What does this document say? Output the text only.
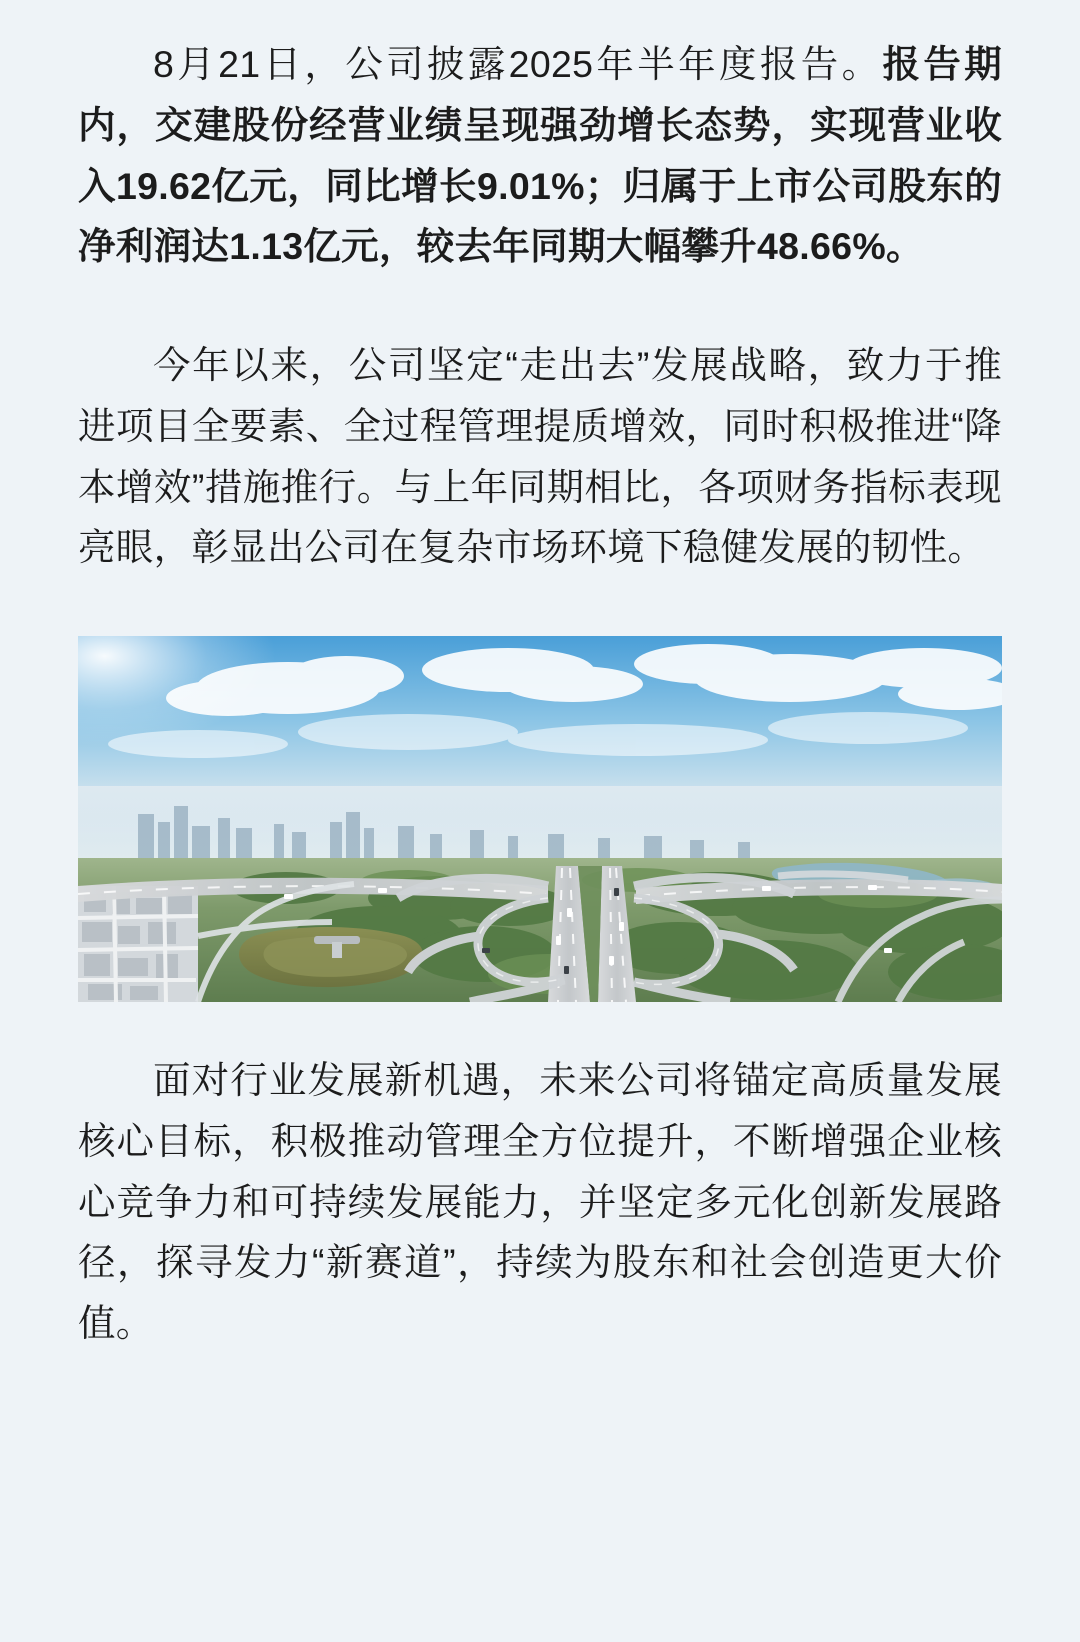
8月21日，公司披露2025年半年度报告。报告期内，交建股份经营业绩呈现强劲增长态势，实现营业收入19.62亿元，同比增长9.01%；归属于上市公司股东的净利润达1.13亿元，较去年同期大幅攀升48.66%。

今年以来，公司坚定“走出去”发展战略，致力于推进项目全要素、全过程管理提质增效，同时积极推进“降本增效”措施推行。与上年同期相比，各项财务指标表现亮眼，彰显出公司在复杂市场环境下稳健发展的韧性。

面对行业发展新机遇，未来公司将锚定高质量发展核心目标，积极推动管理全方位提升，不断增强企业核心竞争力和可持续发展能力，并坚定多元化创新发展路径，探寻发力“新赛道”，持续为股东和社会创造更大价值。
